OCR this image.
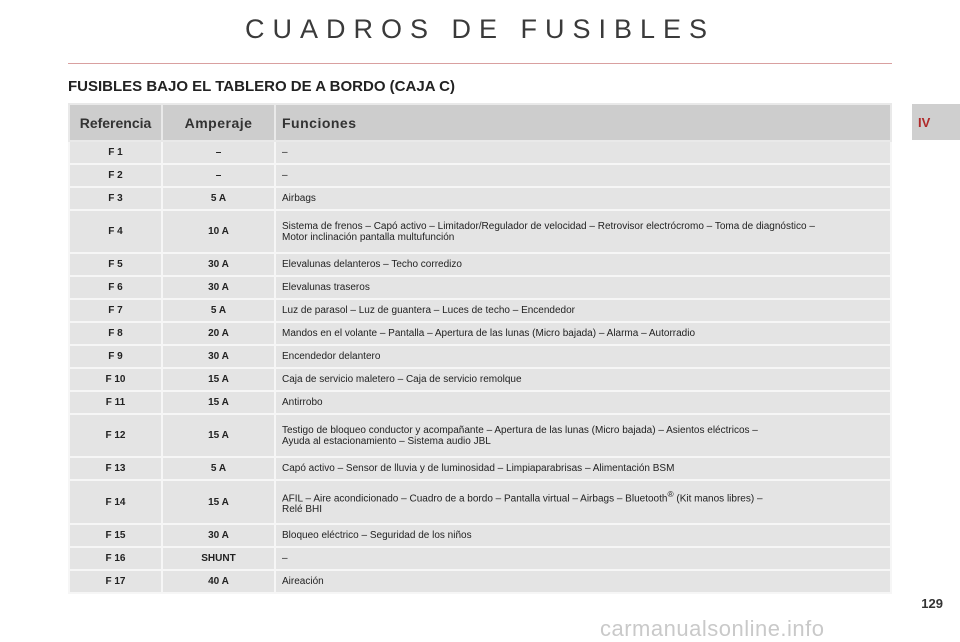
CUADROS DE FUSIBLES
FUSIBLES BAJO EL TABLERO DE A BORDO (CAJA C)
IV
129
carmanualsonline.info
Referencia	Amperaje	Funciones
F 1	–	–
F 2	–	–
F 3	5 A	Airbags
F 4	10 A	Sistema de frenos – Capó activo – Limitador/Regulador de velocidad – Retrovisor electrócromo – Toma de diagnóstico –
Motor inclinación pantalla multufunción
F 5	30 A	Elevalunas delanteros – Techo corredizo
F 6	30 A	Elevalunas traseros
F 7	5 A	Luz de parasol – Luz de guantera – Luces de techo – Encendedor
F 8	20 A	Mandos en el volante – Pantalla – Apertura de las lunas (Micro bajada) – Alarma – Autorradio
F 9	30 A	Encendedor delantero
F 10	15 A	Caja de servicio maletero – Caja de servicio remolque
F 11	15 A	Antirrobo
F 12	15 A	Testigo de bloqueo conductor y acompañante – Apertura de las lunas (Micro bajada) – Asientos eléctricos –
Ayuda al estacionamiento – Sistema audio JBL
F 13	5 A	Capó activo – Sensor de lluvia y de luminosidad – Limpiaparabrisas – Alimentación BSM
F 14	15 A	AFIL – Aire acondicionado – Cuadro de a bordo – Pantalla virtual – Airbags – Bluetooth® (Kit manos libres) –
Relé BHI
F 15	30 A	Bloqueo eléctrico – Seguridad de los niños
F 16	SHUNT	–
F 17	40 A	Aireación
